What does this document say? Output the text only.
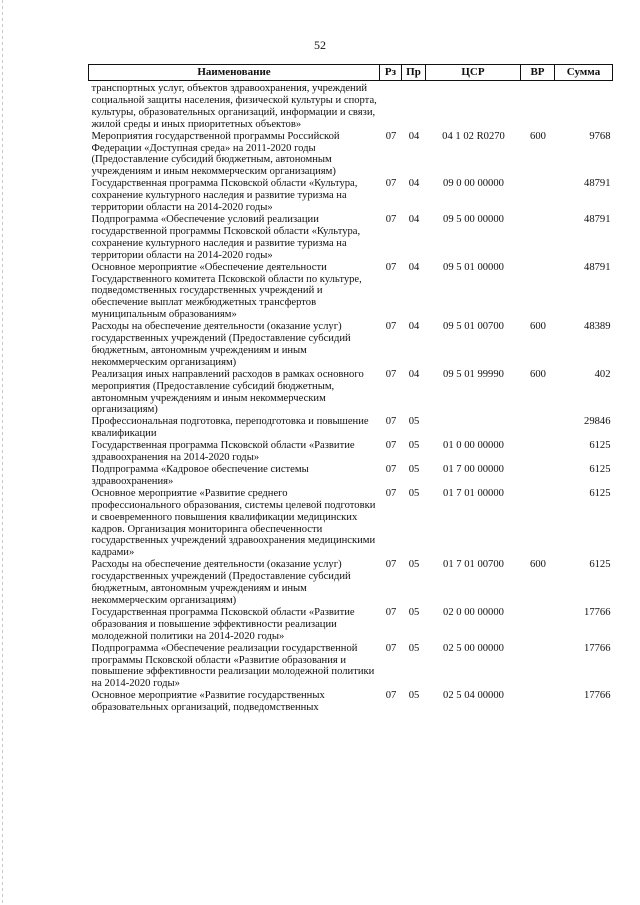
52
Наименование	Рз	Пр	ЦСР	ВР	Сумма
транспортных услуг, объектов здравоохранения, учреждений социальной защиты населения, физической культуры и спорта, культуры, образовательных организаций, информации и связи, жилой среды и иных приоритетных объектов»					
Мероприятия государственной программы Российской Федерации «Доступная среда» на 2011-2020 годы (Предоставление субсидий бюджетным, автономным учреждениям и иным некоммерческим организациям)	07	04	04 1 02 R0270	600	9768
Государственная программа Псковской области «Культура, сохранение культурного наследия и развитие туризма на территории области на 2014-2020 годы»	07	04	09 0 00 00000		48791
Подпрограмма «Обеспечение условий реализации государственной программы Псковской области «Культура, сохранение культурного наследия и развитие туризма на территории области на 2014-2020 годы»	07	04	09 5 00 00000		48791
Основное мероприятие «Обеспечение деятельности Государственного комитета Псковской области по культуре, подведомственных государственных учреждений и обеспечение выплат межбюджетных трансфертов муниципальным образованиям»	07	04	09 5 01 00000		48791
Расходы на обеспечение деятельности (оказание услуг) государственных учреждений (Предоставление субсидий бюджетным, автономным учреждениям и иным некоммерческим организациям)	07	04	09 5 01 00700	600	48389
Реализация иных направлений расходов в рамках основного мероприятия (Предоставление субсидий бюджетным, автономным учреждениям и иным некоммерческим организациям)	07	04	09 5 01 99990	600	402
Профессиональная подготовка, переподготовка и повышение квалификации	07	05			29846
Государственная программа Псковской области «Развитие здравоохранения на 2014-2020 годы»	07	05	01 0 00 00000		6125
Подпрограмма «Кадровое обеспечение системы здравоохранения»	07	05	01 7 00 00000		6125
Основное мероприятие «Развитие среднего профессионального образования, системы целевой подготовки и своевременного повышения квалификации медицинских кадров. Организация мониторинга обеспеченности государственных учреждений здравоохранения медицинскими кадрами»	07	05	01 7 01 00000		6125
Расходы на обеспечение деятельности (оказание услуг) государственных учреждений (Предоставление субсидий бюджетным, автономным учреждениям и иным некоммерческим организациям)	07	05	01 7 01 00700	600	6125
Государственная программа Псковской области «Развитие образования и повышение эффективности реализации молодежной политики на 2014-2020 годы»	07	05	02 0 00 00000		17766
Подпрограмма «Обеспечение реализации государственной программы Псковской области «Развитие образования и повышение эффективности реализации молодежной политики на 2014-2020 годы»	07	05	02 5 00 00000		17766
Основное мероприятие «Развитие государственных образовательных организаций, подведомственных	07	05	02 5 04 00000		17766
